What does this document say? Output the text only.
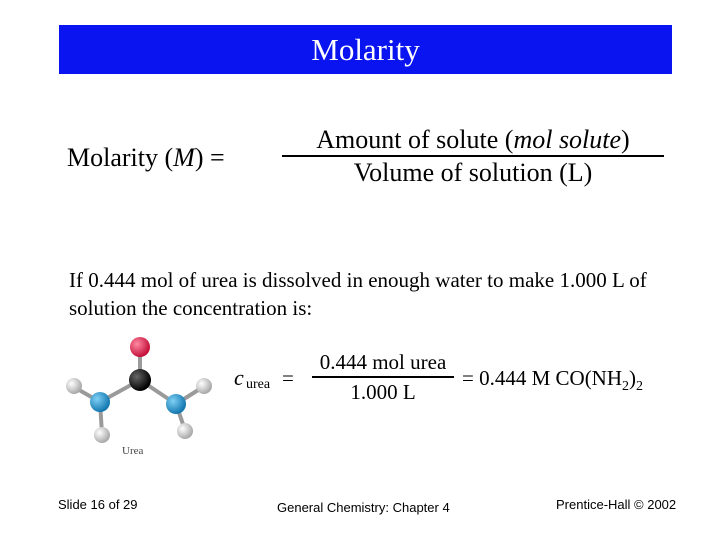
Molarity
Molarity (M) =
Amount of solute (mol solute)
Volume of solution (L)
If 0.444 mol of urea is dissolved in enough water to make 1.000 L of solution the concentration is:
Urea
c urea =
0.444 mol urea
1.000 L
= 0.444 M $CO(NH_2)_2$
Slide 16 of 29	General Chemistry: Chapter 4	Prentice-Hall © 2002
